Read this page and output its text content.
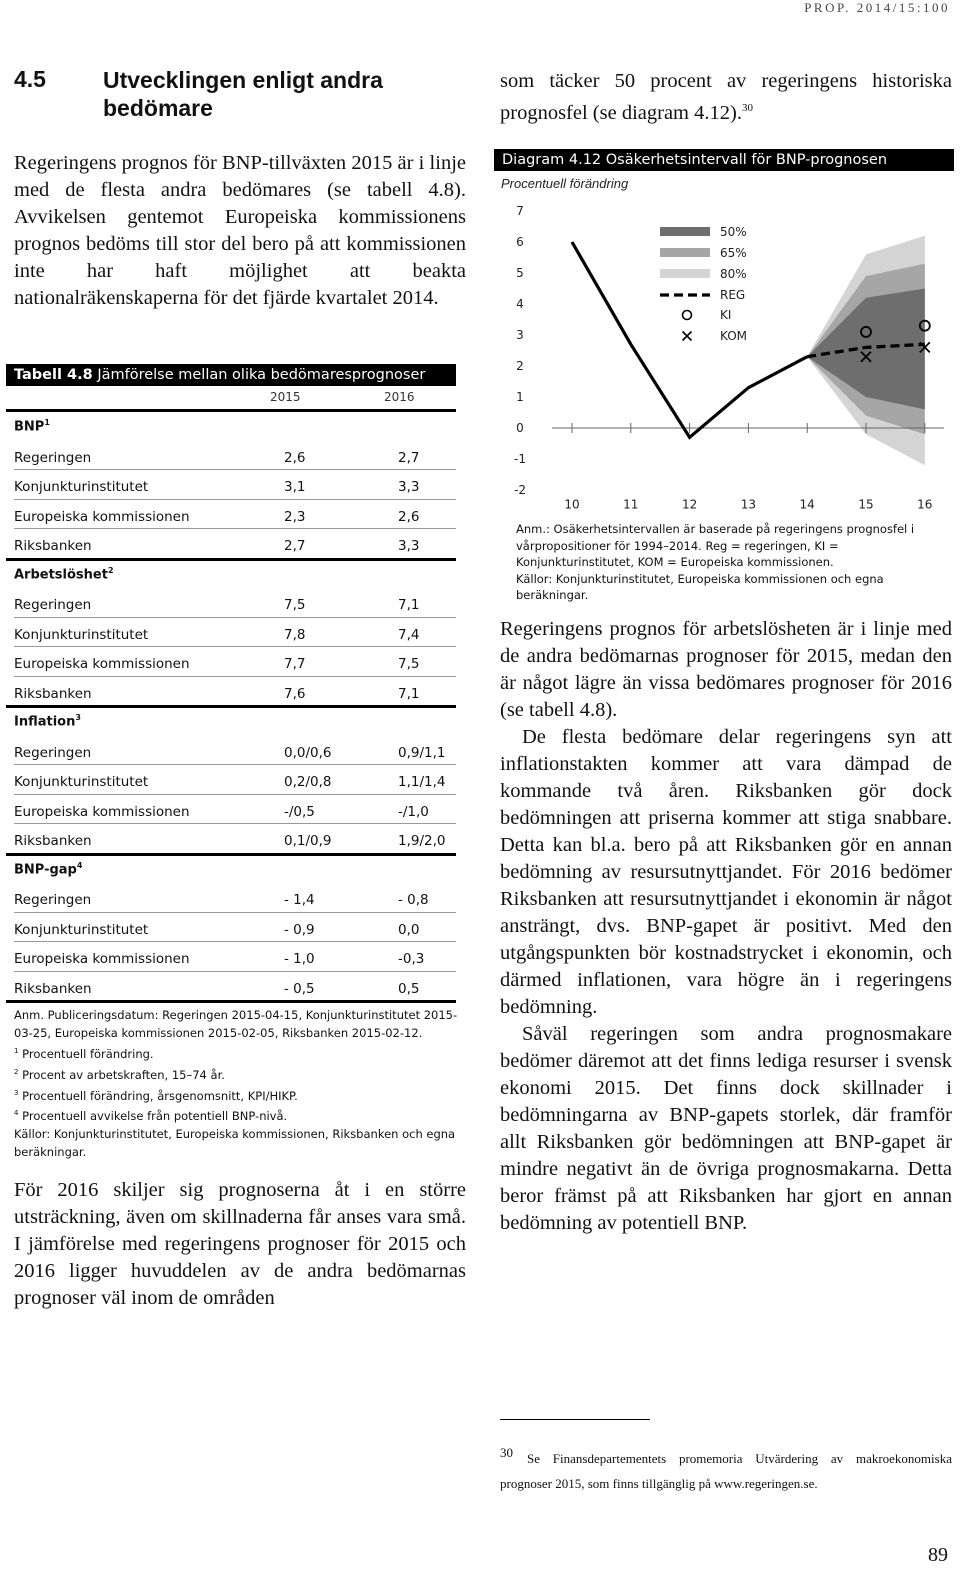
PROP. 2014/15:100
4.5 Utvecklingen enligt andra bedömare
Regeringens prognos för BNP-tillväxten 2015 är i linje med de flesta andra bedömares (se tabell 4.8). Avvikelsen gentemot Europeiska kommissionens prognos bedöms till stor del bero på att kommissionen inte har haft möjlighet att beakta nationalräkenskaperna för det fjärde kvartalet 2014.
Tabell 4.8 Jämförelse mellan olika bedömaresprognoser
2015	2016
BNP$^1$
Regeringen	2,6	2,7
Konjunkturinstitutet	3,1	3,3
Europeiska kommissionen	2,3	2,6
Riksbanken	2,7	3,3
Arbetslöshet$^2$
Regeringen	7,5	7,1
Konjunkturinstitutet	7,8	7,4
Europeiska kommissionen	7,7	7,5
Riksbanken	7,6	7,1
Inflation$^3$
Regeringen	0,0/0,6	0,9/1,1
Konjunkturinstitutet	0,2/0,8	1,1/1,4
Europeiska kommissionen	-/0,5	-/1,0
Riksbanken	0,1/0,9	1,9/2,0
BNP-gap$^4$
Regeringen	- 1,4	- 0,8
Konjunkturinstitutet	- 0,9	0,0
Europeiska kommissionen	- 1,0	-0,3
Riksbanken	- 0,5	0,5
Anm. Publiceringsdatum: Regeringen 2015-04-15, Konjunkturinstitutet 2015-03-25, Europeiska kommissionen 2015-02-05, Riksbanken 2015-02-12.
$^1$ Procentuell förändring.
$^2$ Procent av arbetskraften, 15–74 år.
$^3$ Procentuell förändring, årsgenomsnitt, KPI/HIKP.
$^4$ Procentuell avvikelse från potentiell BNP-nivå.
Källor: Konjunkturinstitutet, Europeiska kommissionen, Riksbanken och egna beräkningar.
För 2016 skiljer sig prognoserna åt i en större utsträckning, även om skillnaderna får anses vara små. I jämförelse med regeringens prognoser för 2015 och 2016 ligger huvuddelen av de andra bedömarnas prognoser väl inom de områden
som täcker 50 procent av regeringens historiska prognosfel (se diagram 4.12).$^{30}$
Diagram 4.12 Osäkerhetsintervall för BNP-prognosen
Procentuell förändring
7
6
5
4
3
2
1
0
-1
-2
10	11	12	13	14	15	16
50%
65%
80%
REG
KI
KOM
Anm.: Osäkerhetsintervallen är baserade på regeringens prognosfel i vårpropositioner för 1994–2014. Reg = regeringen, KI = Konjunkturinstitutet, KOM = Europeiska kommissionen.
Källor: Konjunkturinstitutet, Europeiska kommissionen och egna beräkningar.

Regeringens prognos för arbetslösheten är i linje med de andra bedömarnas prognoser för 2015, medan den är något lägre än vissa bedömares prognoser för 2016 (se tabell 4.8).

De flesta bedömare delar regeringens syn att inflationstakten kommer att vara dämpad de kommande två åren. Riksbanken gör dock bedömningen att priserna kommer att stiga snabbare. Detta kan bl.a. bero på att Riksbanken gör en annan bedömning av resursutnyttjandet. För 2016 bedömer Riksbanken att resursutnyttjandet i ekonomin är något ansträngt, dvs. BNP-gapet är positivt. Med den utgångspunkten bör kostnadstrycket i ekonomin, och därmed inflationen, vara högre än i regeringens bedömning.

Såväl regeringen som andra prognosmakare bedömer däremot att det finns lediga resurser i svensk ekonomi 2015. Det finns dock skillnader i bedömningarna av BNP-gapets storlek, där framför allt Riksbanken gör bedömningen att BNP-gapet är mindre negativt än de övriga prognosmakarna. Detta beror främst på att Riksbanken har gjort en annan bedömning av potentiell BNP.

30 Se Finansdepartementets promemoria Utvärdering av makroekonomiska prognoser 2015, som finns tillgänglig på www.regeringen.se.
89
